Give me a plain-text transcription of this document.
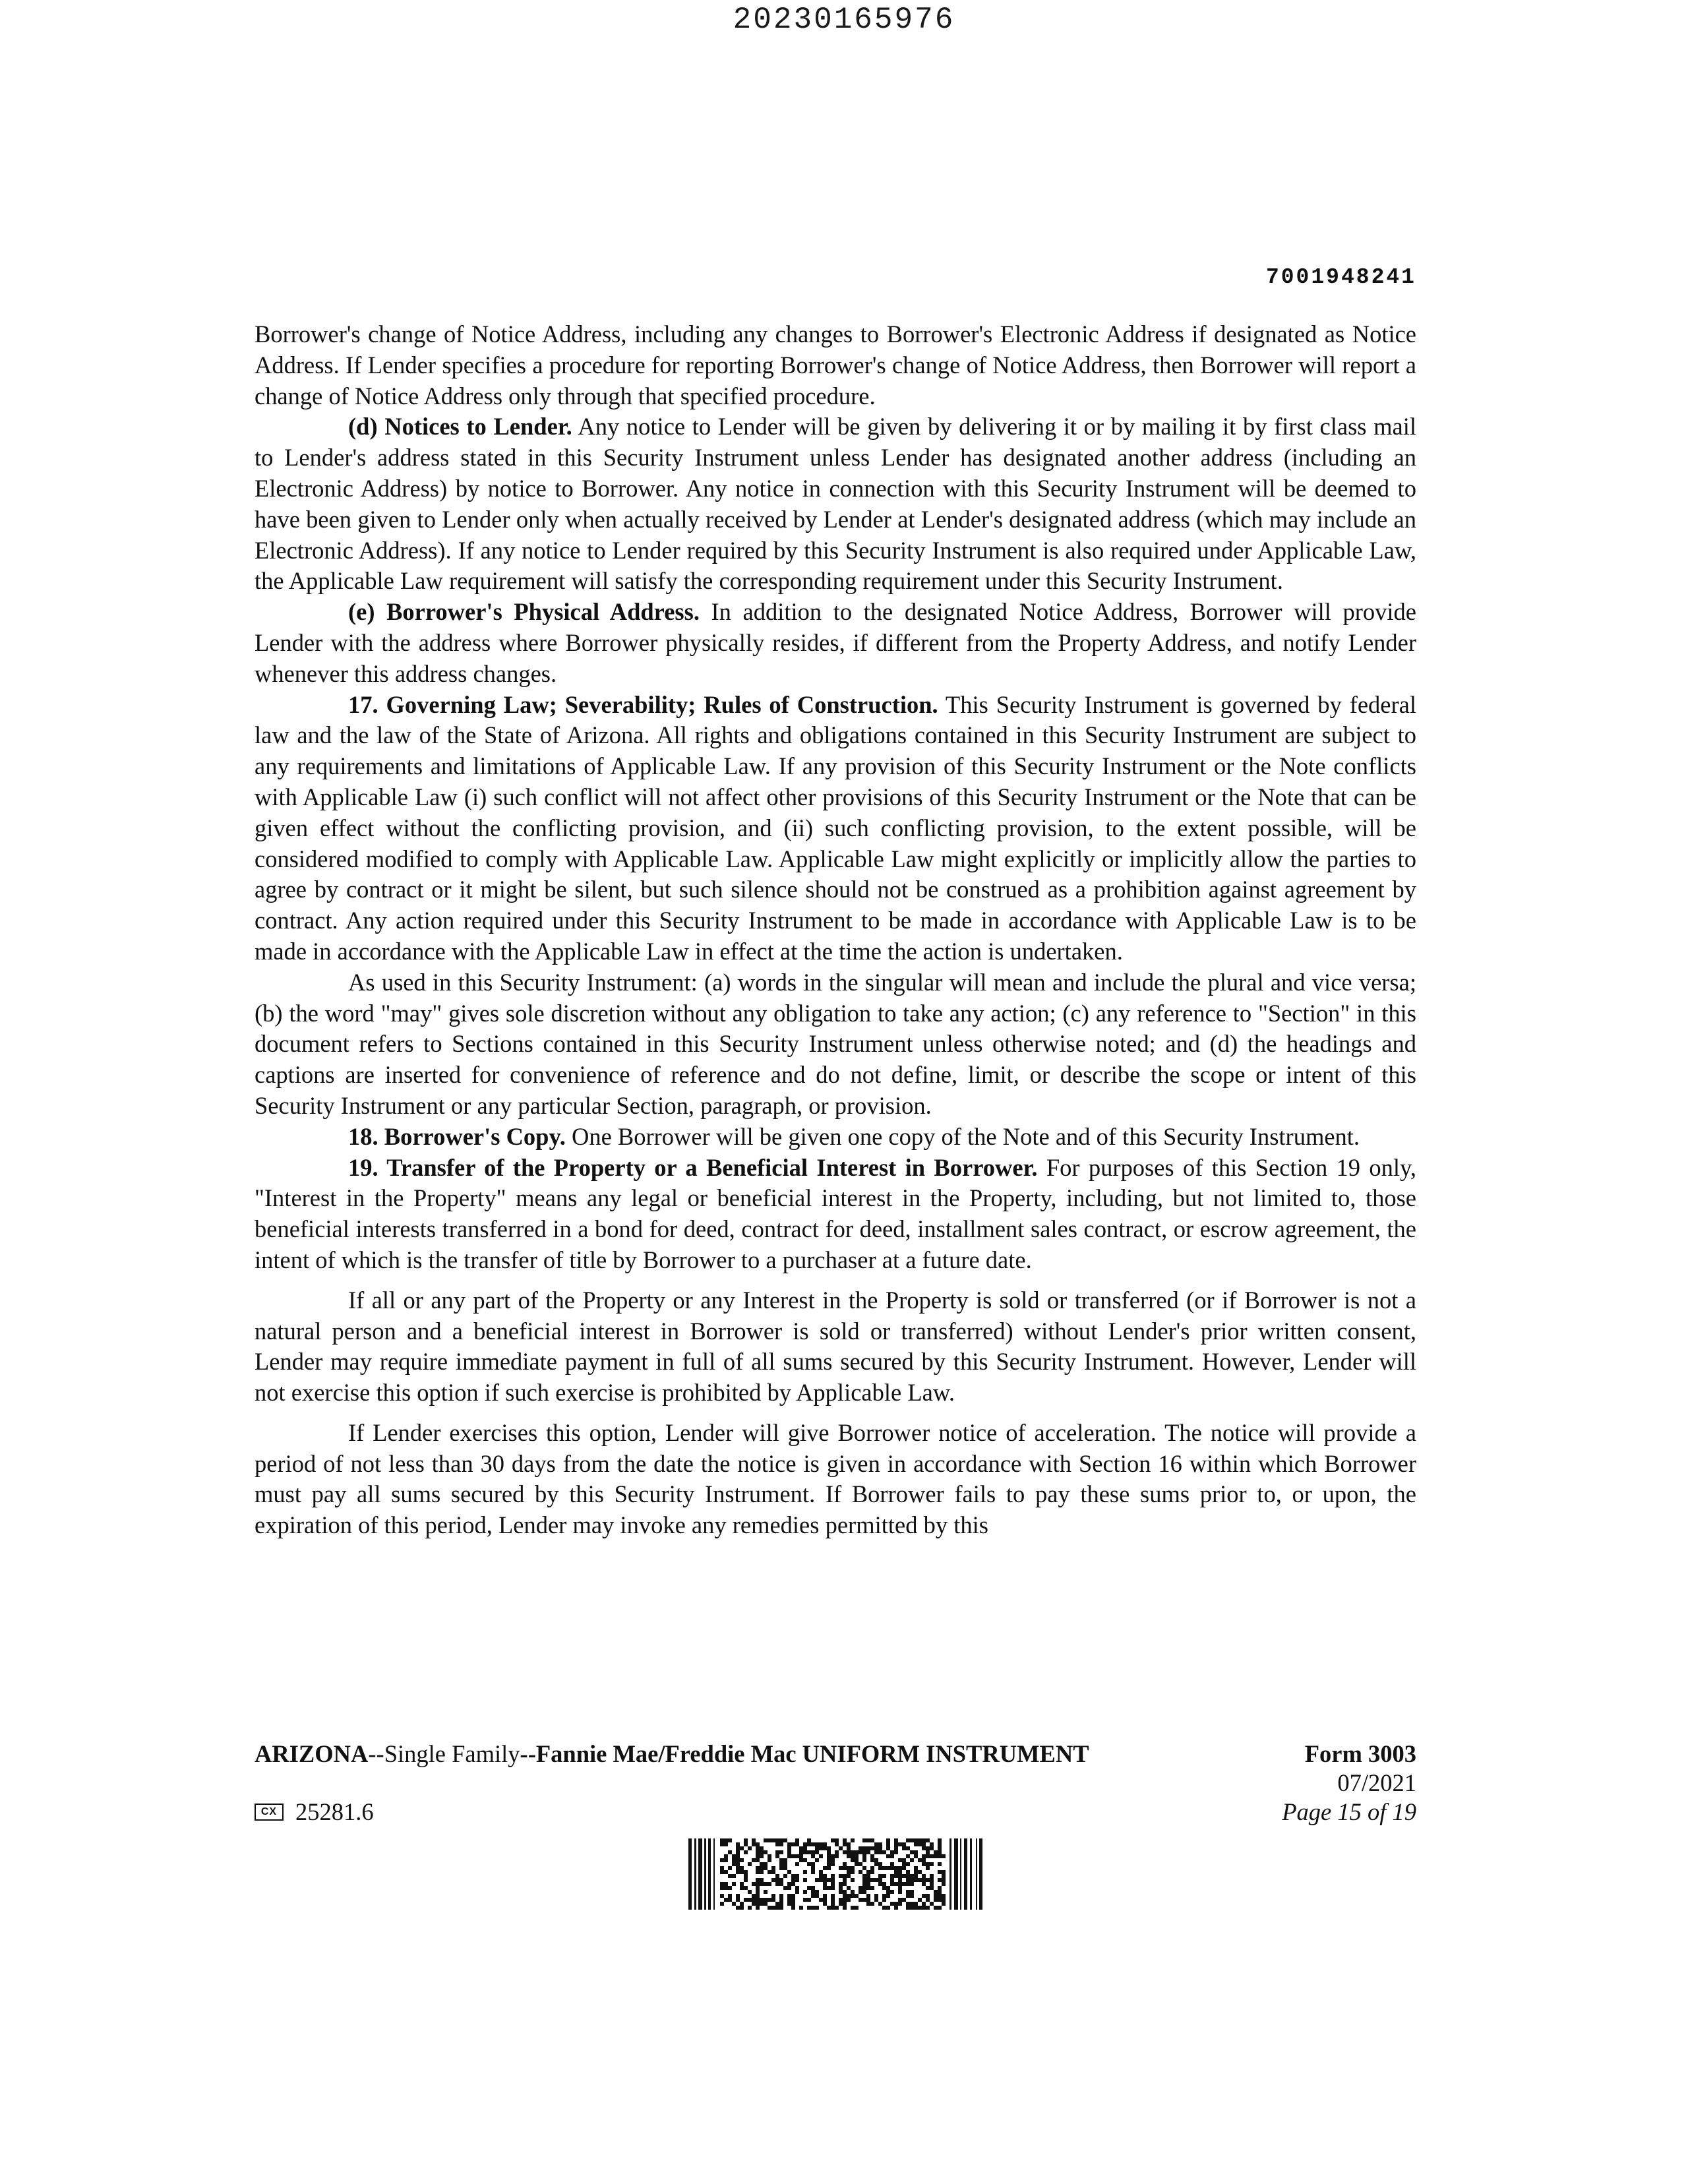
20230165976
7001948241

Borrower's change of Notice Address, including any changes to Borrower's Electronic Address if designated as Notice Address. If Lender specifies a procedure for reporting Borrower's change of Notice Address, then Borrower will report a change of Notice Address only through that specified procedure.

(d) Notices to Lender. Any notice to Lender will be given by delivering it or by mailing it by first class mail to Lender's address stated in this Security Instrument unless Lender has designated another address (including an Electronic Address) by notice to Borrower. Any notice in connection with this Security Instrument will be deemed to have been given to Lender only when actually received by Lender at Lender's designated address (which may include an Electronic Address). If any notice to Lender required by this Security Instrument is also required under Applicable Law, the Applicable Law requirement will satisfy the corresponding requirement under this Security Instrument.

(e) Borrower's Physical Address. In addition to the designated Notice Address, Borrower will provide Lender with the address where Borrower physically resides, if different from the Property Address, and notify Lender whenever this address changes.

17. Governing Law; Severability; Rules of Construction. This Security Instrument is governed by federal law and the law of the State of Arizona. All rights and obligations contained in this Security Instrument are subject to any requirements and limitations of Applicable Law. If any provision of this Security Instrument or the Note conflicts with Applicable Law (i) such conflict will not affect other provisions of this Security Instrument or the Note that can be given effect without the conflicting provision, and (ii) such conflicting provision, to the extent possible, will be considered modified to comply with Applicable Law. Applicable Law might explicitly or implicitly allow the parties to agree by contract or it might be silent, but such silence should not be construed as a prohibition against agreement by contract. Any action required under this Security Instrument to be made in accordance with Applicable Law is to be made in accordance with the Applicable Law in effect at the time the action is undertaken.

As used in this Security Instrument: (a) words in the singular will mean and include the plural and vice versa; (b) the word "may" gives sole discretion without any obligation to take any action; (c) any reference to "Section" in this document refers to Sections contained in this Security Instrument unless otherwise noted; and (d) the headings and captions are inserted for convenience of reference and do not define, limit, or describe the scope or intent of this Security Instrument or any particular Section, paragraph, or provision.

18. Borrower's Copy. One Borrower will be given one copy of the Note and of this Security Instrument.

19. Transfer of the Property or a Beneficial Interest in Borrower. For purposes of this Section 19 only, "Interest in the Property" means any legal or beneficial interest in the Property, including, but not limited to, those beneficial interests transferred in a bond for deed, contract for deed, installment sales contract, or escrow agreement, the intent of which is the transfer of title by Borrower to a purchaser at a future date.

If all or any part of the Property or any Interest in the Property is sold or transferred (or if Borrower is not a natural person and a beneficial interest in Borrower is sold or transferred) without Lender's prior written consent, Lender may require immediate payment in full of all sums secured by this Security Instrument. However, Lender will not exercise this option if such exercise is prohibited by Applicable Law.

If Lender exercises this option, Lender will give Borrower notice of acceleration. The notice will provide a period of not less than 30 days from the date the notice is given in accordance with Section 16 within which Borrower must pay all sums secured by this Security Instrument. If Borrower fails to pay these sums prior to, or upon, the expiration of this period, Lender may invoke any remedies permitted by this

ARIZONA--Single Family--Fannie Mae/Freddie Mac UNIFORM INSTRUMENT	Form 3003
07/2021
Page 15 of 19
CX 25281.6
